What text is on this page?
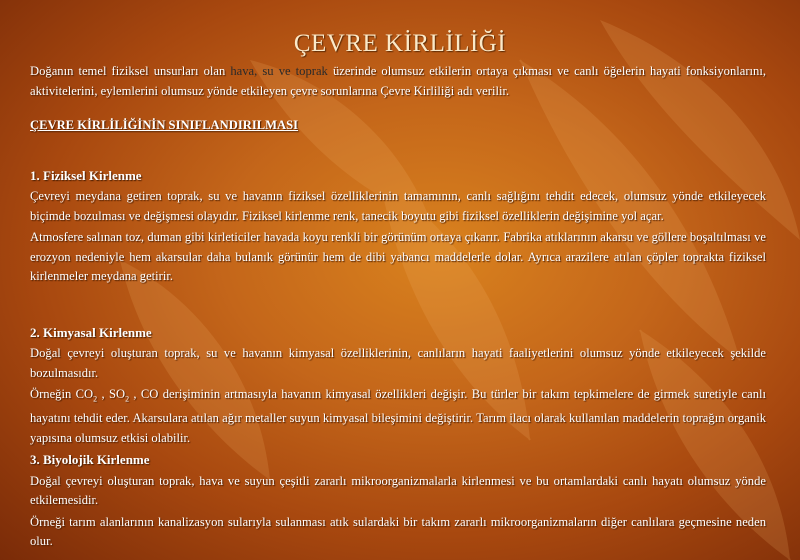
ÇEVRE KİRLİLİĞİ

Doğanın temel fiziksel unsurları olan hava, su ve toprak üzerinde olumsuz etkilerin ortaya çıkması ve canlı öğelerin hayati fonksiyonlarını, aktivitelerini, eylemlerini olumsuz yönde etkileyen çevre sorunlarına Çevre Kirliliği adı verilir.

ÇEVRE KİRLİLİĞİNİN SINIFLANDIRILMASI

1. Fiziksel Kirlenme

Çevreyi meydana getiren toprak, su ve havanın fiziksel özelliklerinin tamamının, canlı sağlığını tehdit edecek, olumsuz yönde etkileyecek biçimde bozulması ve değişmesi olayıdır. Fiziksel kirlenme renk, tanecik boyutu gibi fiziksel özelliklerin değişimine yol açar.

Atmosfere salınan toz, duman gibi kirleticiler havada koyu renkli bir görünüm ortaya çıkarır. Fabrika atıklarının akarsu ve göllere boşaltılması ve erozyon nedeniyle hem akarsular daha bulanık görünür hem de dibi yabancı maddelerle dolar. Ayrıca arazilere atılan çöpler toprakta fiziksel kirlenmeler meydana getirir.

2. Kimyasal Kirlenme

Doğal çevreyi oluşturan toprak, su ve havanın kimyasal özelliklerinin, canlıların hayati faaliyetlerini olumsuz yönde etkileyecek şekilde bozulmasıdır.

Örneğin $CO_2$ , $SO_2$ , CO derişiminin artmasıyla havanın kimyasal özellikleri değişir. Bu türler bir takım tepkimelere de girmek suretiyle canlı hayatını tehdit eder. Akarsulara atılan ağır metaller suyun kimyasal bileşimini değiştirir. Tarım ilacı olarak kullanılan maddelerin toprağın organik yapısına olumsuz etkisi olabilir.

3. Biyolojik Kirlenme

Doğal çevreyi oluşturan toprak, hava ve suyun çeşitli zararlı mikroorganizmalarla kirlenmesi ve bu ortamlardaki canlı hayatı olumsuz yönde etkilemesidir.

Örneği tarım alanlarının kanalizasyon sularıyla sulanması atık sulardaki bir takım zararlı mikroorganizmaların diğer canlılara geçmesine neden olur.
